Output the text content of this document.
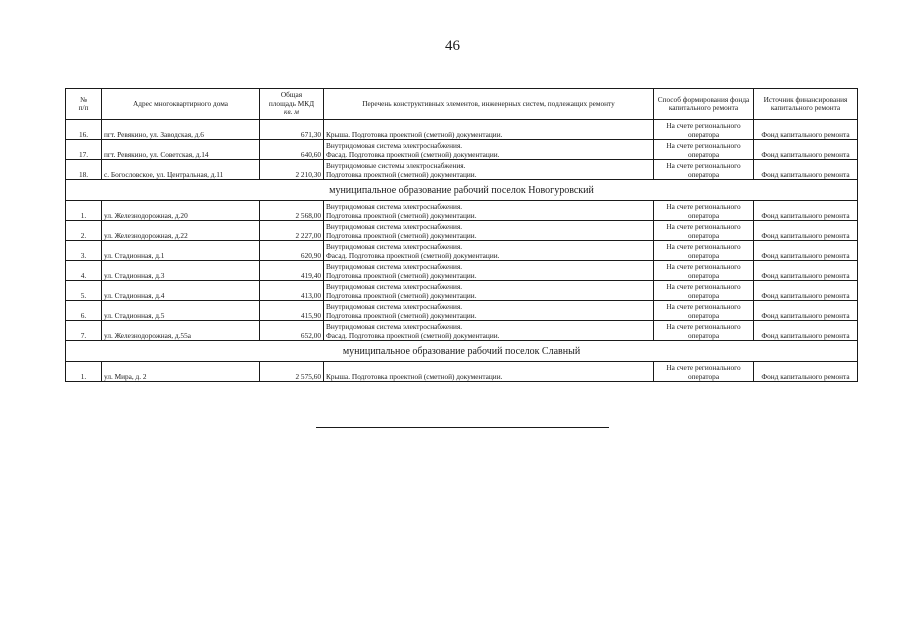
46
№
п/п	Адрес многоквартирного дома	Общая
площадь МКД
кв. м	Перечень конструктивных элементов, инженерных систем, подлежащих ремонту	Способ формирования фонда капитального ремонта	Источник финансирования капитального ремонта
16.	пгт. Ревякино, ул. Заводская, д.6	671,30	Крыша. Подготовка проектной (сметной) документации.	На счете регионального оператора	Фонд капитального ремонта
17.	пгт. Ревякино, ул. Советская, д.14	640,60	Внутридомовая система электроснабжения.
Фасад. Подготовка проектной (сметной) документации.	На счете регионального оператора	Фонд капитального ремонта
18.	с. Богословское, ул. Центральная, д.11	2 210,30	Внутридомовые системы электроснабжения.
Подготовка проектной (сметной) документации.	На счете регионального оператора	Фонд капитального ремонта
муниципальное образование рабочий поселок Новогуровский					
1.	ул. Железнодорожная, д.20	2 568,00	Внутридомовая система электроснабжения.
Подготовка проектной (сметной) документации.	На счете регионального оператора	Фонд капитального ремонта
2.	ул. Железнодорожная, д.22	2 227,00	Внутридомовая система электроснабжения.
Подготовка проектной (сметной) документации.	На счете регионального оператора	Фонд капитального ремонта
3.	ул. Стадионная, д.1	620,90	Внутридомовая система электроснабжения.
Фасад. Подготовка проектной (сметной) документации.	На счете регионального оператора	Фонд капитального ремонта
4.	ул. Стадионная, д.3	419,40	Внутридомовая система электроснабжения.
Подготовка проектной (сметной) документации.	На счете регионального оператора	Фонд капитального ремонта
5.	ул. Стадионная, д.4	413,00	Внутридомовая система электроснабжения.
Подготовка проектной (сметной) документации.	На счете регионального оператора	Фонд капитального ремонта
6.	ул. Стадионная, д.5	415,90	Внутридомовая система электроснабжения.
Подготовка проектной (сметной) документации.	На счете регионального оператора	Фонд капитального ремонта
7.	ул. Железнодорожная, д.55а	652,00	Внутридомовая система электроснабжения.
Фасад. Подготовка проектной (сметной) документации.	На счете регионального оператора	Фонд капитального ремонта
муниципальное образование рабочий поселок Славный					
1.	ул. Мира, д. 2	2 575,60	Крыша. Подготовка проектной (сметной) документации.	На счете регионального оператора	Фонд капитального ремонта
